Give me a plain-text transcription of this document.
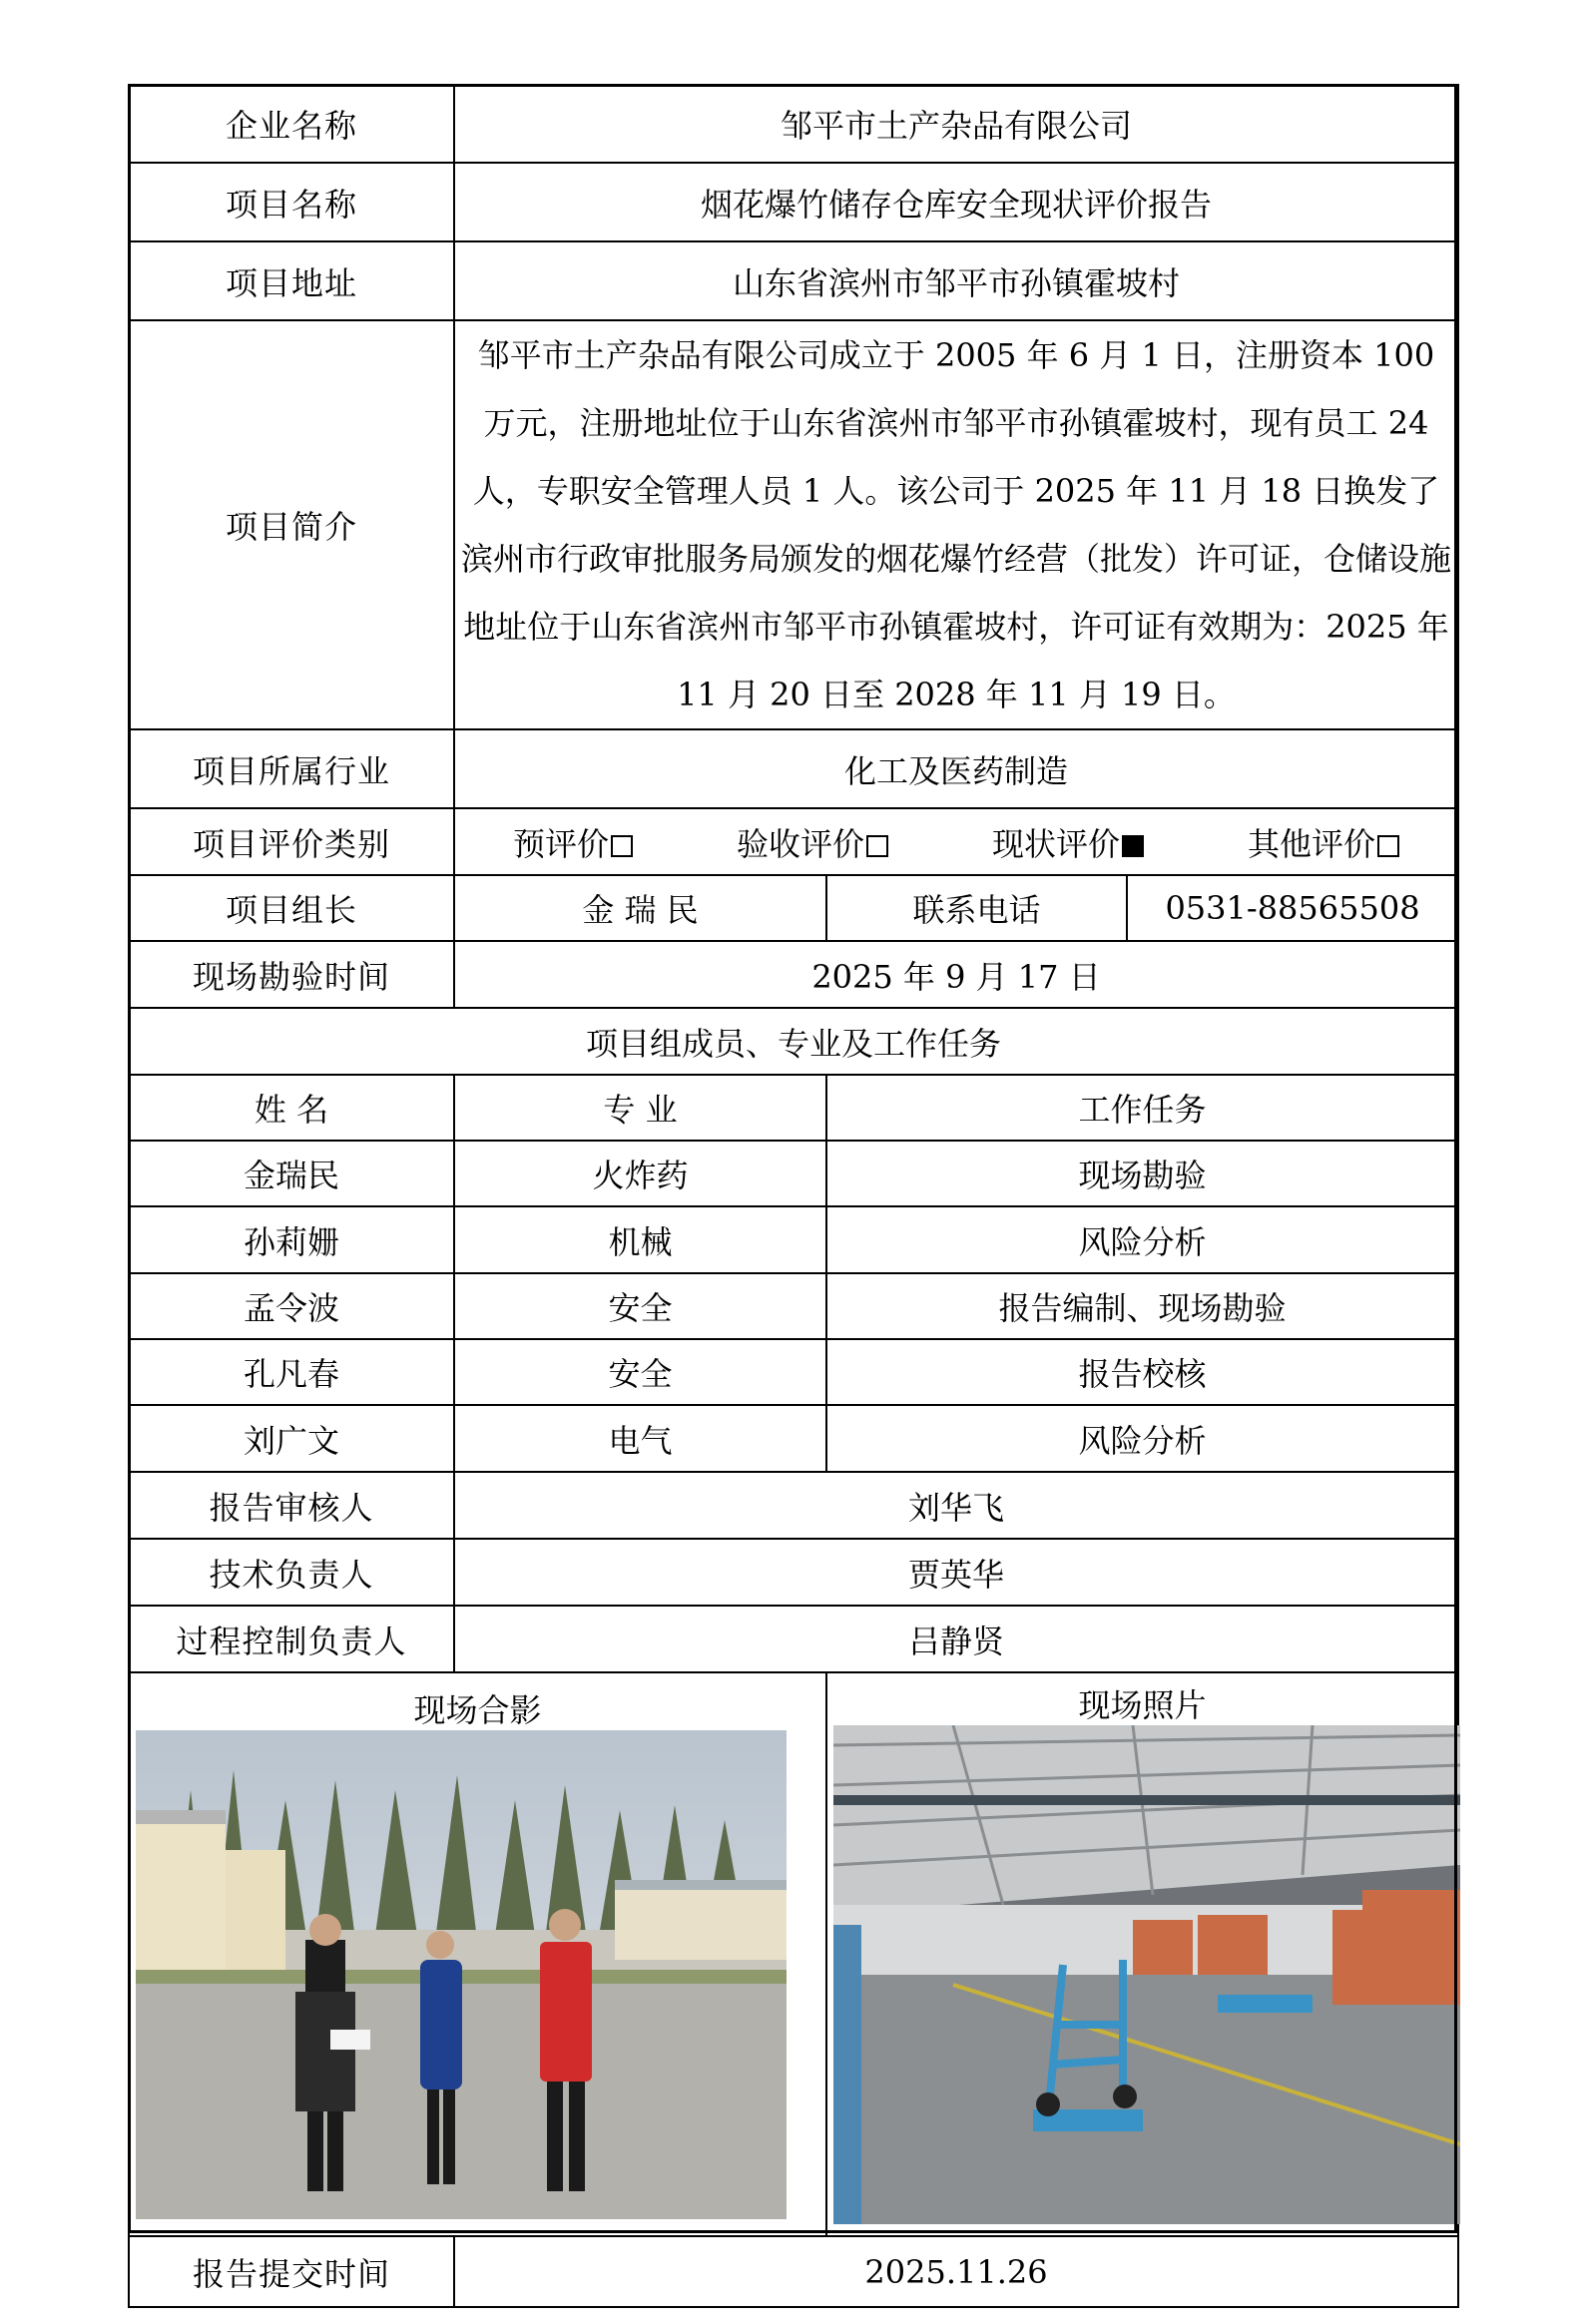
企业名称	邹平市土产杂品有限公司		
项目名称	烟花爆竹储存仓库安全现状评价报告		
项目地址	山东省滨州市邹平市孙镇霍坡村		
项目简介	邹平市土产杂品有限公司成立于 2005 年 6 月 1 日，注册资本 100 万元，注册地址位于山东省滨州市邹平市孙镇霍坡村，现有员工 24 人，专职安全管理人员 1 人。该公司于 2025 年 11 月 18 日换发了滨州市行政审批服务局颁发的烟花爆竹经营（批发）许可证，仓储设施地址位于山东省滨州市邹平市孙镇霍坡村，许可证有效期为：2025 年 11 月 20 日至 2028 年 11 月 19 日。		
项目所属行业	化工及医药制造		
项目评价类别	预评价 验收评价 现状评价 其他评价		

项目组长	金 瑞 民	联系电话	0531-88565508
现场勘验时间	2025 年 9 月 17 日		
项目组成员、专业及工作任务			
姓 名	专 业	工作任务	
金瑞民	火炸药	现场勘验	
孙莉姗	机械	风险分析	
孟令波	安全	报告编制、现场勘验	
孔凡春	安全	报告校核	
刘广文	电气	风险分析	
报告审核人	刘华飞		
技术负责人	贾英华		
过程控制负责人	吕静贤		

现场合影		现场照片	

报告提交时间	2025.11.26		
